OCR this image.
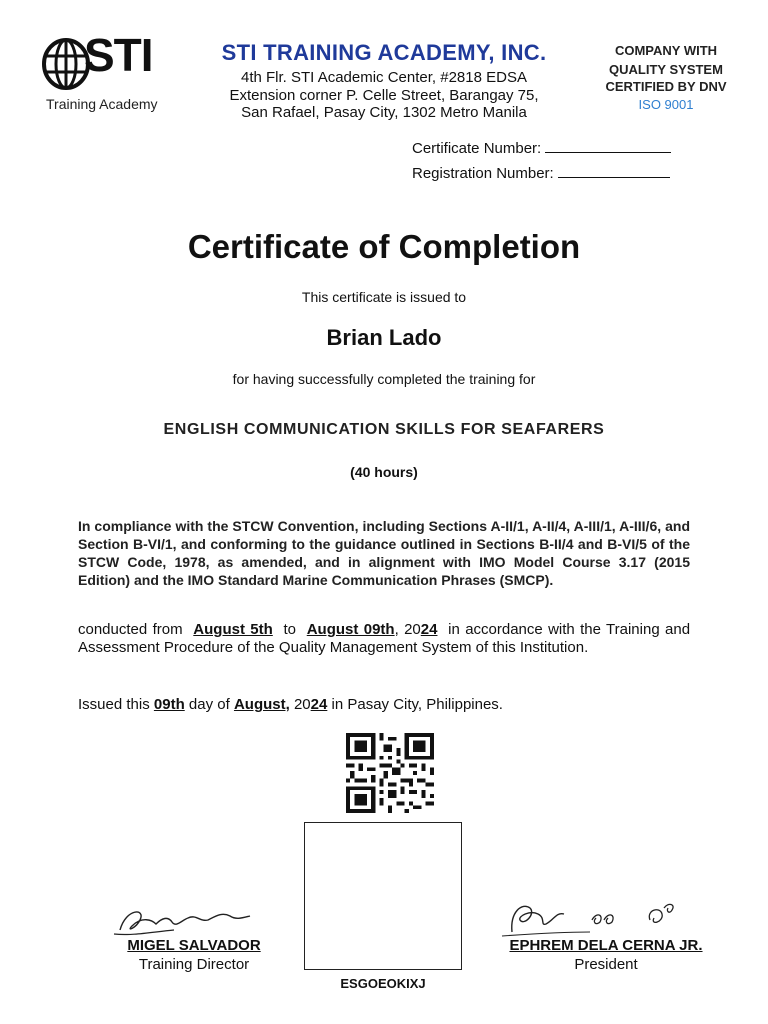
STI
Training Academy
STI TRAINING ACADEMY, INC.
4th Flr. STI Academic Center, #2818 EDSA
Extension corner P. Celle Street, Barangay 75,
San Rafael, Pasay City, 1302 Metro Manila
COMPANY WITH
QUALITY SYSTEM
CERTIFIED BY DNV
ISO 9001
Certificate Number:
Registration Number:
Certificate of Completion
This certificate is issued to
Brian Lado
for having successfully completed the training for
ENGLISH COMMUNICATION SKILLS FOR SEAFARERS
(40 hours)
In compliance with the STCW Convention, including Sections A-II/1, A-II/4, A-III/1, A-III/6, and Section B-VI/1, and conforming to the guidance outlined in Sections B-II/4 and B-VI/5 of the STCW Code, 1978, as amended, and in alignment with IMO Model Course 3.17 (2015 Edition) and the IMO Standard Marine Communication Phrases (SMCP).
conducted from August 5th to August 09th, 2024 in accordance with the Training and Assessment Procedure of the Quality Management System of this Institution.
Issued this 09th day of August, 2024 in Pasay City, Philippines.
ESGOEOKIXJ
MIGEL SALVADOR
Training Director
EPHREM DELA CERNA JR.
President
